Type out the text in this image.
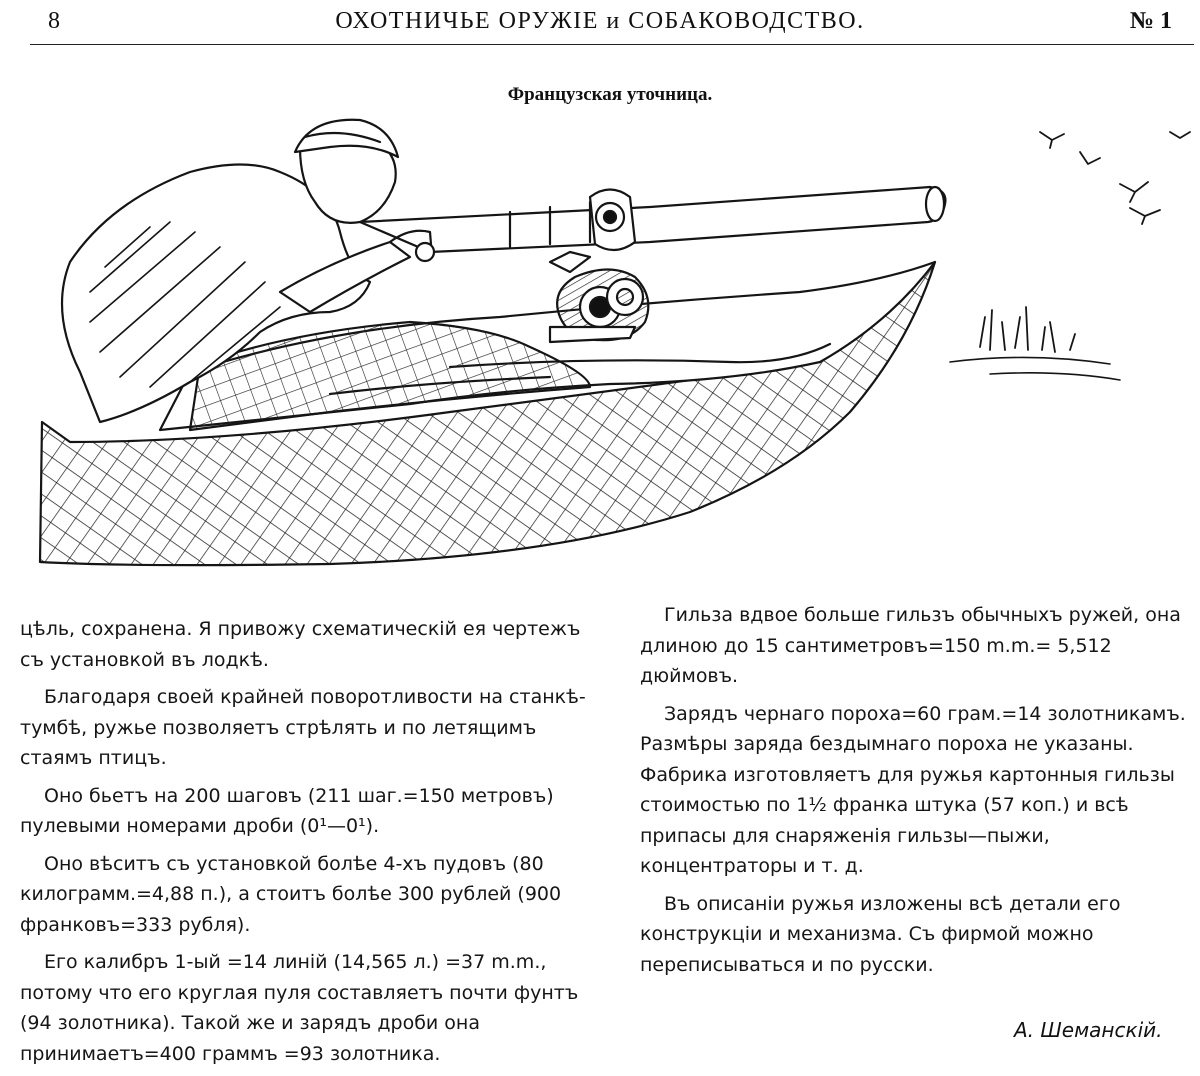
8	ОХОТНИЧЬЕ ОРУЖІЕ и СОБАКОВОДСТВО.	№ 1
Французская уточница.

цѣль, сохранена. Я привожу схематическій ея чертежъ съ установкой въ лодкѣ.

Благодаря своей крайней поворотливости на станкѣ-тумбѣ, ружье позволяетъ стрѣлять и по летящимъ стаямъ птицъ.

Оно бьетъ на 200 шаговъ (211 шаг.=150 метровъ) пулевыми номерами дроби (0¹—0¹).

Оно вѣситъ съ установкой болѣе 4-хъ пудовъ (80 килограмм.=4,88 п.), а стоитъ болѣе 300 рублей (900 франковъ=333 рубля).

Его калибръ 1-ый =14 линій (14,565 л.) =37 m.m., потому что его круглая пуля составляетъ почти фунтъ (94 золотника). Такой же и зарядъ дроби она принимаетъ=400 граммъ =93 золотника.

Гильза вдвое больше гильзъ обычныхъ ружей, она длиною до 15 сантиметровъ=150 m.m.= 5,512 дюймовъ.

Зарядъ чернаго пороха=60 грам.=14 золотникамъ. Размѣры заряда бездымнаго пороха не указаны. Фабрика изготовляетъ для ружья картонныя гильзы стоимостью по 1½ франка штука (57 коп.) и всѣ припасы для снаряженія гильзы—пыжи, концентраторы и т. д.

Въ описаніи ружья изложены всѣ детали его конструкціи и механизма. Съ фирмой можно переписываться и по русски.

А. Шеманскій.
